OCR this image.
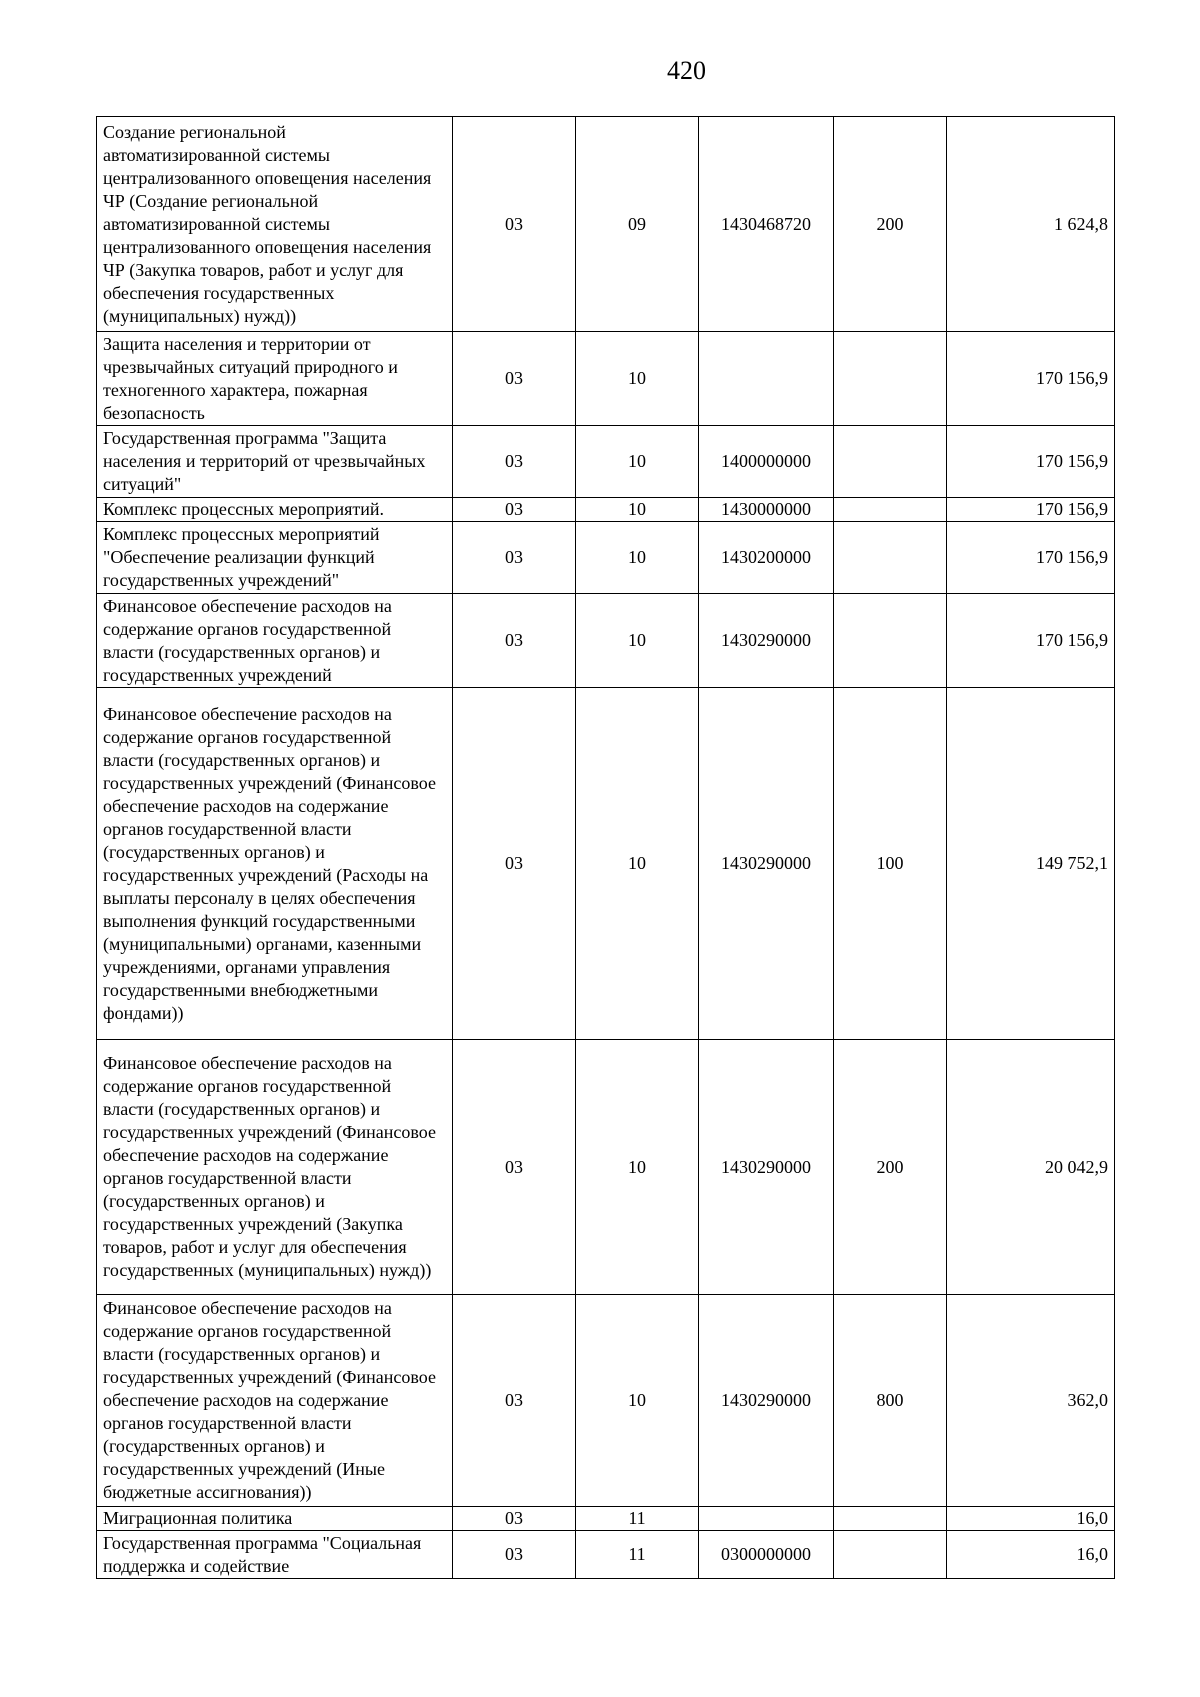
420
Создание региональной автоматизированной системы централизованного оповещения населения ЧР (Создание региональной автоматизированной системы централизованного оповещения населения ЧР (Закупка товаров, работ и услуг для обеспечения государственных (муниципальных) нужд))	03	09	1430468720	200	1 624,8
Защита населения и территории от чрезвычайных ситуаций природного и техногенного характера, пожарная безопасность	03	10			170 156,9
Государственная программа "Защита населения и территорий от чрезвычайных ситуаций"	03	10	1400000000		170 156,9
Комплекс процессных мероприятий.	03	10	1430000000		170 156,9
Комплекс процессных мероприятий "Обеспечение реализации функций государственных учреждений"	03	10	1430200000		170 156,9
Финансовое обеспечение расходов на содержание органов государственной власти (государственных органов) и государственных учреждений	03	10	1430290000		170 156,9
Финансовое обеспечение расходов на содержание органов государственной власти (государственных органов) и государственных учреждений (Финансовое обеспечение расходов на содержание органов государственной власти (государственных органов) и государственных учреждений (Расходы на выплаты персоналу в целях обеспечения выполнения функций государственными (муниципальными) органами, казенными учреждениями, органами управления государственными внебюджетными фондами))	03	10	1430290000	100	149 752,1
Финансовое обеспечение расходов на содержание органов государственной власти (государственных органов) и государственных учреждений (Финансовое обеспечение расходов на содержание органов государственной власти (государственных органов) и государственных учреждений (Закупка товаров, работ и услуг для обеспечения государственных (муниципальных) нужд))	03	10	1430290000	200	20 042,9
Финансовое обеспечение расходов на содержание органов государственной власти (государственных органов) и государственных учреждений (Финансовое обеспечение расходов на содержание органов государственной власти (государственных органов) и государственных учреждений (Иные бюджетные ассигнования))	03	10	1430290000	800	362,0
Миграционная политика	03	11			16,0
Государственная программа "Социальная поддержка и содействие	03	11	0300000000		16,0
